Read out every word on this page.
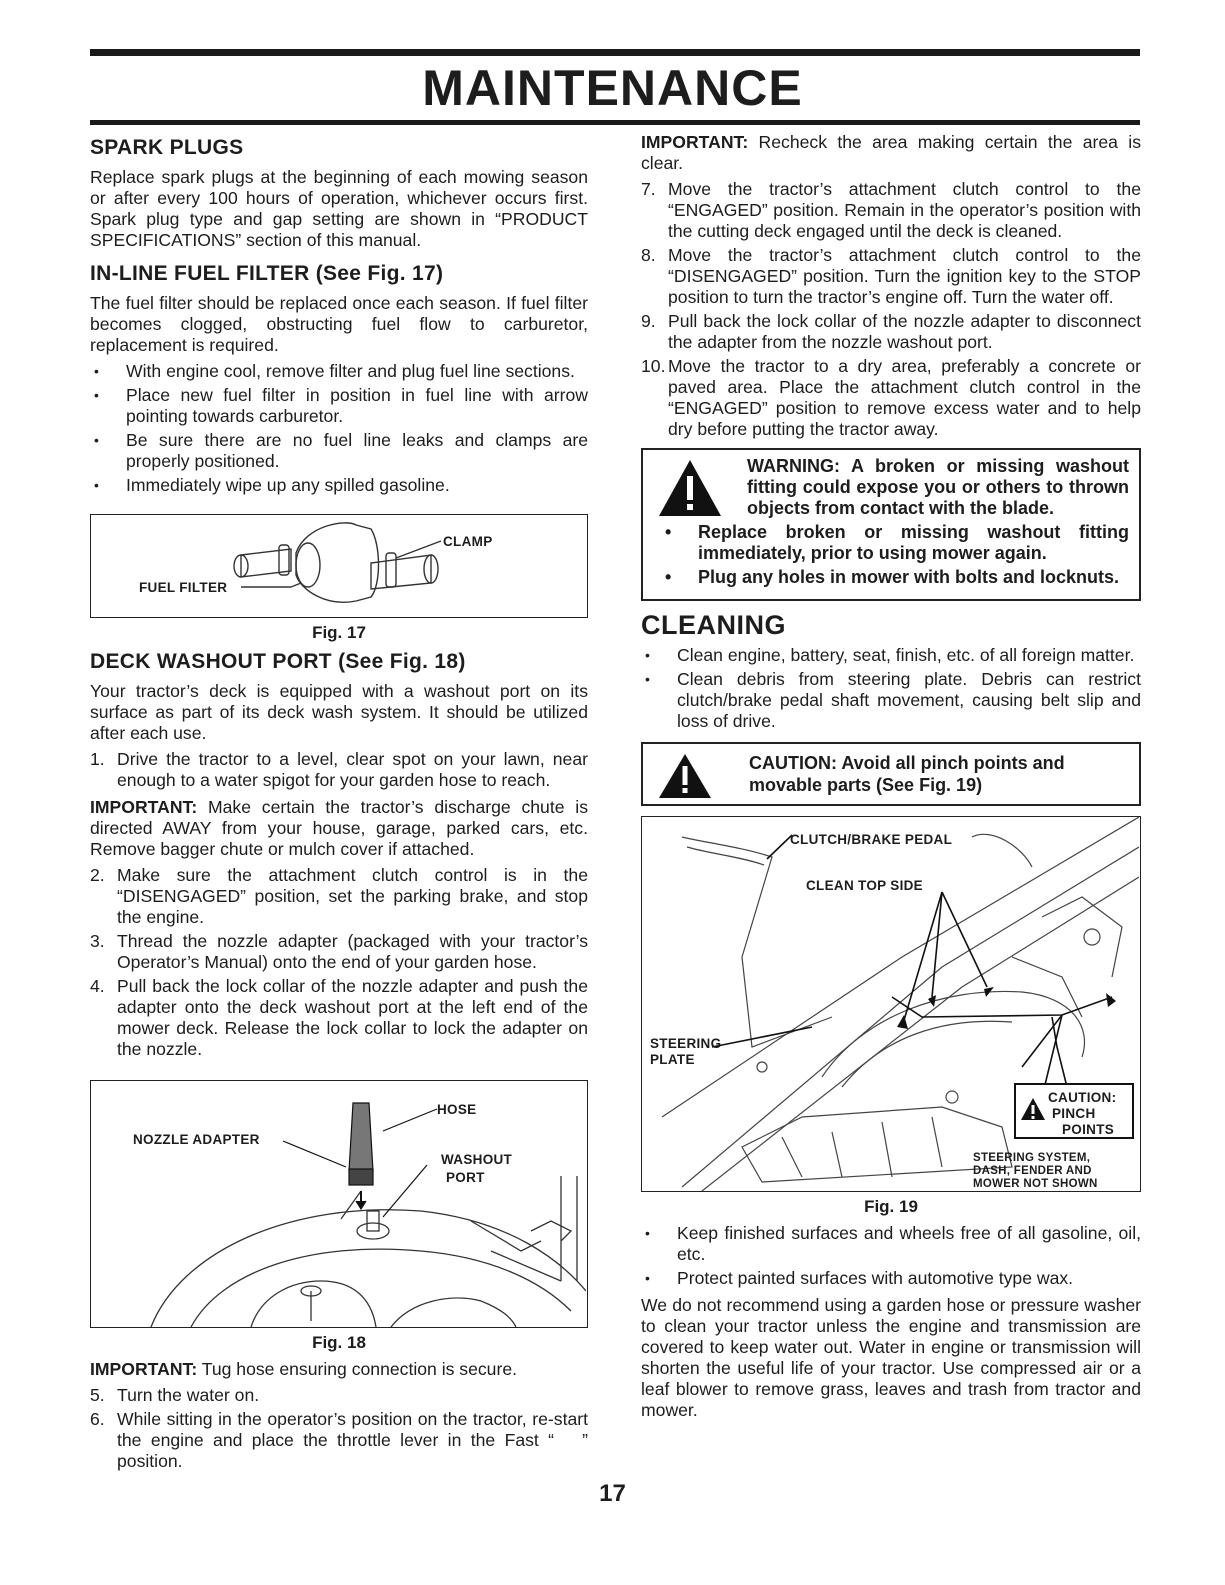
MAINTENANCE
SPARK PLUGS

Replace spark plugs at the beginning of each mowing season or after every 100 hours of operation, whichever occurs first. Spark plug type and gap setting are shown in “PRODUCT SPECIFICATIONS” section of this manual.

IN-LINE FUEL FILTER (See Fig. 17)

The fuel filter should be replaced once each season. If fuel filter becomes clogged, obstructing fuel flow to carburetor, replacement is required.

• With engine cool, remove filter and plug fuel line sections.
• Place new fuel filter in position in fuel line with arrow pointing towards carburetor.
• Be sure there are no fuel line leaks and clamps are properly positioned.
• Immediately wipe up any spilled gasoline.
CLAMP
FUEL FILTER
Fig. 17
DECK WASHOUT PORT (See Fig. 18)

Your tractor’s deck is equipped with a washout port on its surface as part of its deck wash system. It should be utilized after each use.

1. Drive the tractor to a level, clear spot on your lawn, near enough to a water spigot for your garden hose to reach.

IMPORTANT: Make certain the tractor’s discharge chute is directed AWAY from your house, garage, parked cars, etc. Remove bagger chute or mulch cover if attached.

2. Make sure the attachment clutch control is in the “DISENGAGED” position, set the parking brake, and stop the engine.
3. Thread the nozzle adapter (packaged with your tractor’s Operator’s Manual) onto the end of your garden hose.
4. Pull back the lock collar of the nozzle adapter and push the adapter onto the deck washout port at the left end of the mower deck. Release the lock collar to lock the adapter on the nozzle.
HOSE
NOZZLE ADAPTER
WASHOUT
PORT
Fig. 18

IMPORTANT: Tug hose ensuring connection is secure.

5. Turn the water on.
6. While sitting in the operator’s position on the tractor, re-start the engine and place the throttle lever in the Fast “   ” position.

IMPORTANT: Recheck the area making certain the area is clear.

7. Move the tractor’s attachment clutch control to the “ENGAGED” position. Remain in the operator’s position with the cutting deck engaged until the deck is cleaned.
8. Move the tractor’s attachment clutch control to the “DISENGAGED” position. Turn the ignition key to the STOP position to turn the tractor’s engine off. Turn the water off.
9. Pull back the lock collar of the nozzle adapter to disconnect the adapter from the nozzle washout port.
10. Move the tractor to a dry area, preferably a concrete or paved area. Place the attachment clutch control in the “ENGAGED” position to remove excess water and to help dry before putting the tractor away.
WARNING: A broken or missing washout fitting could expose you or others to thrown objects from contact with the blade.
• Replace broken or missing washout fitting immediately, prior to using mower again.
• Plug any holes in mower with bolts and locknuts.
CLEANING
• Clean engine, battery, seat, finish, etc. of all foreign matter.
• Clean debris from steering plate. Debris can restrict clutch/brake pedal shaft movement, causing belt slip and loss of drive.
CAUTION: Avoid all pinch points and movable parts (See Fig. 19)
CLUTCH/BRAKE PEDAL
CLEAN TOP SIDE
STEERING
PLATE
CAUTION:
PINCH
POINTS
STEERING SYSTEM,
DASH, FENDER AND
MOWER NOT SHOWN
Fig. 19
• Keep finished surfaces and wheels free of all gasoline, oil, etc.
• Protect painted surfaces with automotive type wax.

We do not recommend using a garden hose or pressure washer to clean your tractor unless the engine and transmission are covered to keep water out. Water in engine or transmission will shorten the useful life of your tractor. Use compressed air or a leaf blower to remove grass, leaves and trash from tractor and mower.

17
